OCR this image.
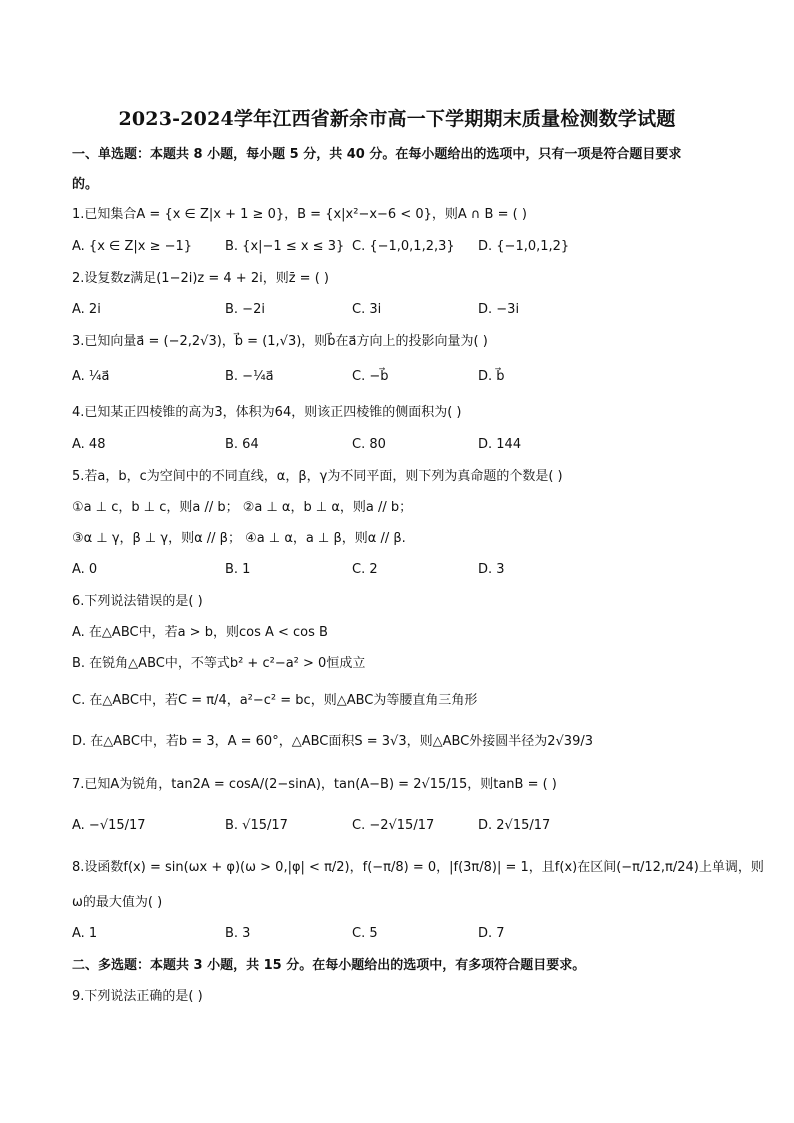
2023-2024学年江西省新余市高一下学期期末质量检测数学试题
一、单选题：本题共 8 小题，每小题 5 分，共 40 分。在每小题给出的选项中，只有一项是符合题目要求
的。
1.已知集合A = {x ∈ Z|x + 1 ≥ 0}，B = {x|x²−x−6 < 0}，则A ∩ B = ( )
A. {x ∈ Z|x ≥ −1}	B. {x|−1 ≤ x ≤ 3} C. {−1,0,1,2,3} D. {−1,0,1,2}
2.设复数z满足(1−2i)z = 4 + 2i，则z̄ = ( )
A. 2i	B. −2i	C. 3i	D. −3i
3.已知向量a⃗ = (−2,2√3)，b⃗ = (1,√3)，则b⃗在a⃗方向上的投影向量为( )
A. ¼a⃗	B. −¼a⃗	C. −b⃗	D. b⃗
4.已知某正四棱锥的高为3，体积为64，则该正四棱锥的侧面积为( )
A. 48	B. 64	C. 80	D. 144
5.若a，b，c为空间中的不同直线，α，β，γ为不同平面，则下列为真命题的个数是( )
①a ⊥ c，b ⊥ c，则a // b； ②a ⊥ α，b ⊥ α，则a // b；
③α ⊥ γ，β ⊥ γ，则α // β； ④a ⊥ α，a ⊥ β，则α // β.
A. 0	B. 1	C. 2	D. 3
6.下列说法错误的是( )
A. 在△ABC中，若a > b，则cos A < cos B
B. 在锐角△ABC中，不等式b² + c²−a² > 0恒成立
C. 在△ABC中，若C = π/4，a²−c² = bc，则△ABC为等腰直角三角形
D. 在△ABC中，若b = 3，A = 60°，△ABC面积S = 3√3，则△ABC外接圆半径为2√39/3
7.已知A为锐角，tan2A = cosA/(2−sinA)，tan(A−B) = 2√15/15，则tanB = ( )
A. −√15/17	B. √15/17	C. −2√15/17	D. 2√15/17
8.设函数f(x) = sin(ωx + φ)(ω > 0,|φ| < π/2)，f(−π/8) = 0，|f(3π/8)| = 1，且f(x)在区间(−π/12,π/24)上单调，则
ω的最大值为( )
A. 1	B. 3	C. 5	D. 7
二、多选题：本题共 3 小题，共 15 分。在每小题给出的选项中，有多项符合题目要求。
9.下列说法正确的是( )
